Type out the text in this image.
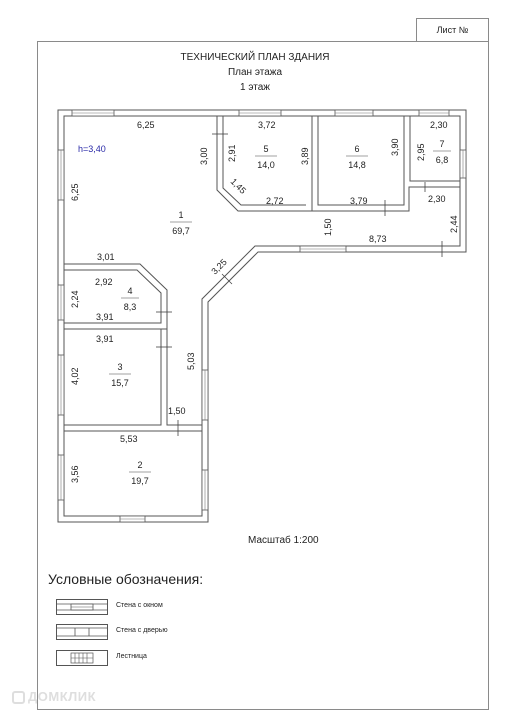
Лист №
ТЕХНИЧЕСКИЙ ПЛАН ЗДАНИЯ
План этажа
1 этаж
h=3,40
1
69,7
2
19,7
3
15,7
4
8,3
5
14,0
6
14,8
7
6,8
6,25
6,25
3,00
3,72
2,91	3,89
1,45
2,72
3,90
3,79
2,30
2,95
2,30
2,44
1,50
8,73
3,25
3,01
2,92
2,24
3,91
3,91
4,02
5,03
1,50
5,53
3,56
Масштаб 1:200
Условные обозначения:
Стена с окном
Стена с дверью
Лестница
ДОМКЛИК
